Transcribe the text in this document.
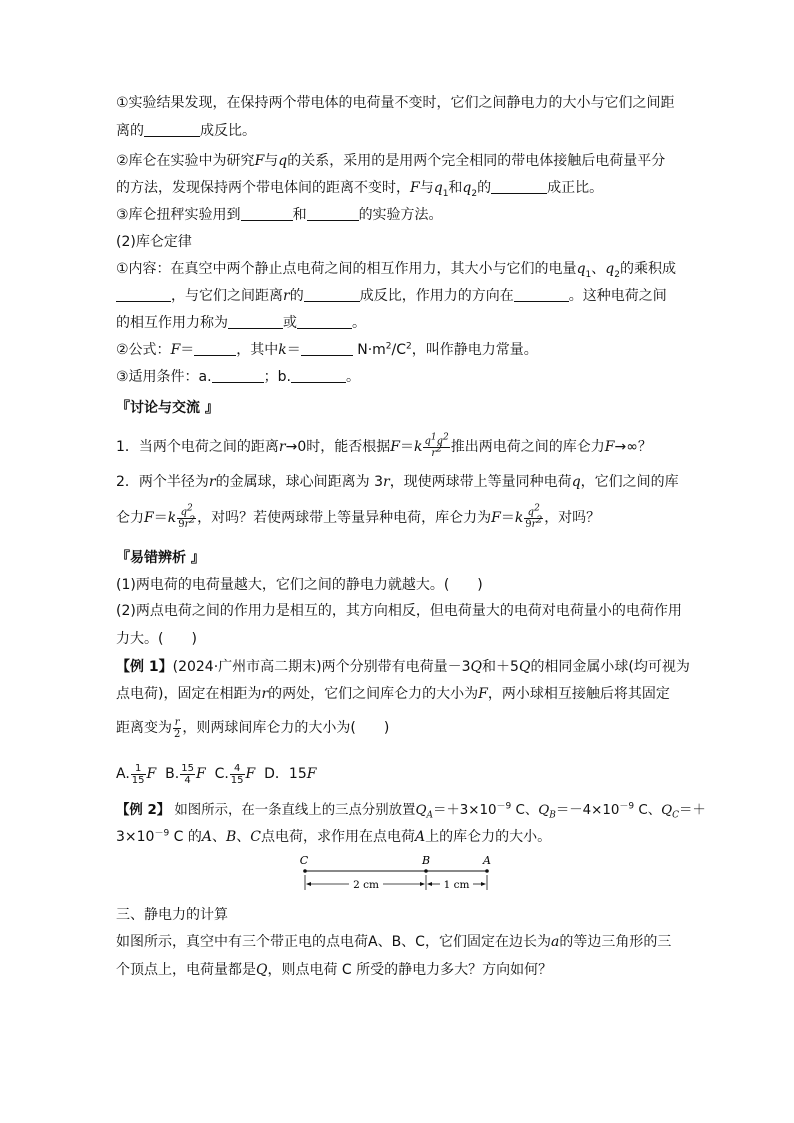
①实验结果发现，在保持两个带电体的电荷量不变时，它们之间静电力的大小与它们之间距
离的	成反比。
②库仑在实验中为研究F与q的关系，采用的是用两个完全相同的带电体接触后电荷量平分
的方法，发现保持两个带电体间的距离不变时，F与$q_1$和$q_2$的	成正比。
③库仑扭秤实验用到	和	的实验方法。
(2)库仑定律
①内容：在真空中两个静止点电荷之间的相互作用力，其大小与它们的电量$q_1$、$q_2$的乘积成
，与它们之间距离r的	成反比，作用力的方向在	。这种电荷之间
的相互作用力称为	或	。
②公式：F＝	，其中k＝	$N\cdot m^2/C^2$，叫作静电力常量。
③适用条件：a.	；b.	。
『讨论与交流 』
1．当两个电荷之间的距离r→0时，能否根据$F=k \frac{q^1q^2}{r^2}$ 推出两电荷之间的库仑力F→∞？
2．两个半径为r的金属球，球心间距离为 3r，现使两球带上等量同种电荷q，它们之间的库
仑力$F=k \frac{q^2}{9r^2}$ ，对吗？若使两球带上等量异种电荷，库仑力为$F=k \frac{q^2}{9r^2}$ ，对吗？
『易错辨析 』
(1)两电荷的电荷量越大，它们之间的静电力就越大。(　　)
(2)两点电荷之间的作用力是相互的，其方向相反，但电荷量大的电荷对电荷量小的电荷作用
力大。(　　)
【例 1】(2024·广州市高二期末)两个分别带有电荷量－3Q和＋5Q的相同金属小球(均可视为
点电荷)，固定在相距为r的两处，它们之间库仑力的大小为F，两小球相互接触后将其固定
距离变为 $\frac{r}{2}$ ，则两球间库仑力的大小为(　　)
A. $\frac{1}{15}$ F B. $\frac{15}{4}$ F C. $\frac{4}{15}$ F D．15F
【例 2】 如图所示，在一条直线上的三点分别放置$Q_A=+3\times 10^{-9}$ C、$Q_B=-4\times 10^{-9}$ C、$Q_C=+$
$3\times 10^{-9}$ C 的A、B、C点电荷，求作用在点电荷A上的库仑力的大小。
C	B	A
2 cm	1 cm
三、静电力的计算
如图所示，真空中有三个带正电的点电荷A、B、C，它们固定在边长为a的等边三角形的三
个顶点上，电荷量都是Q，则点电荷 C 所受的静电力多大？方向如何？
